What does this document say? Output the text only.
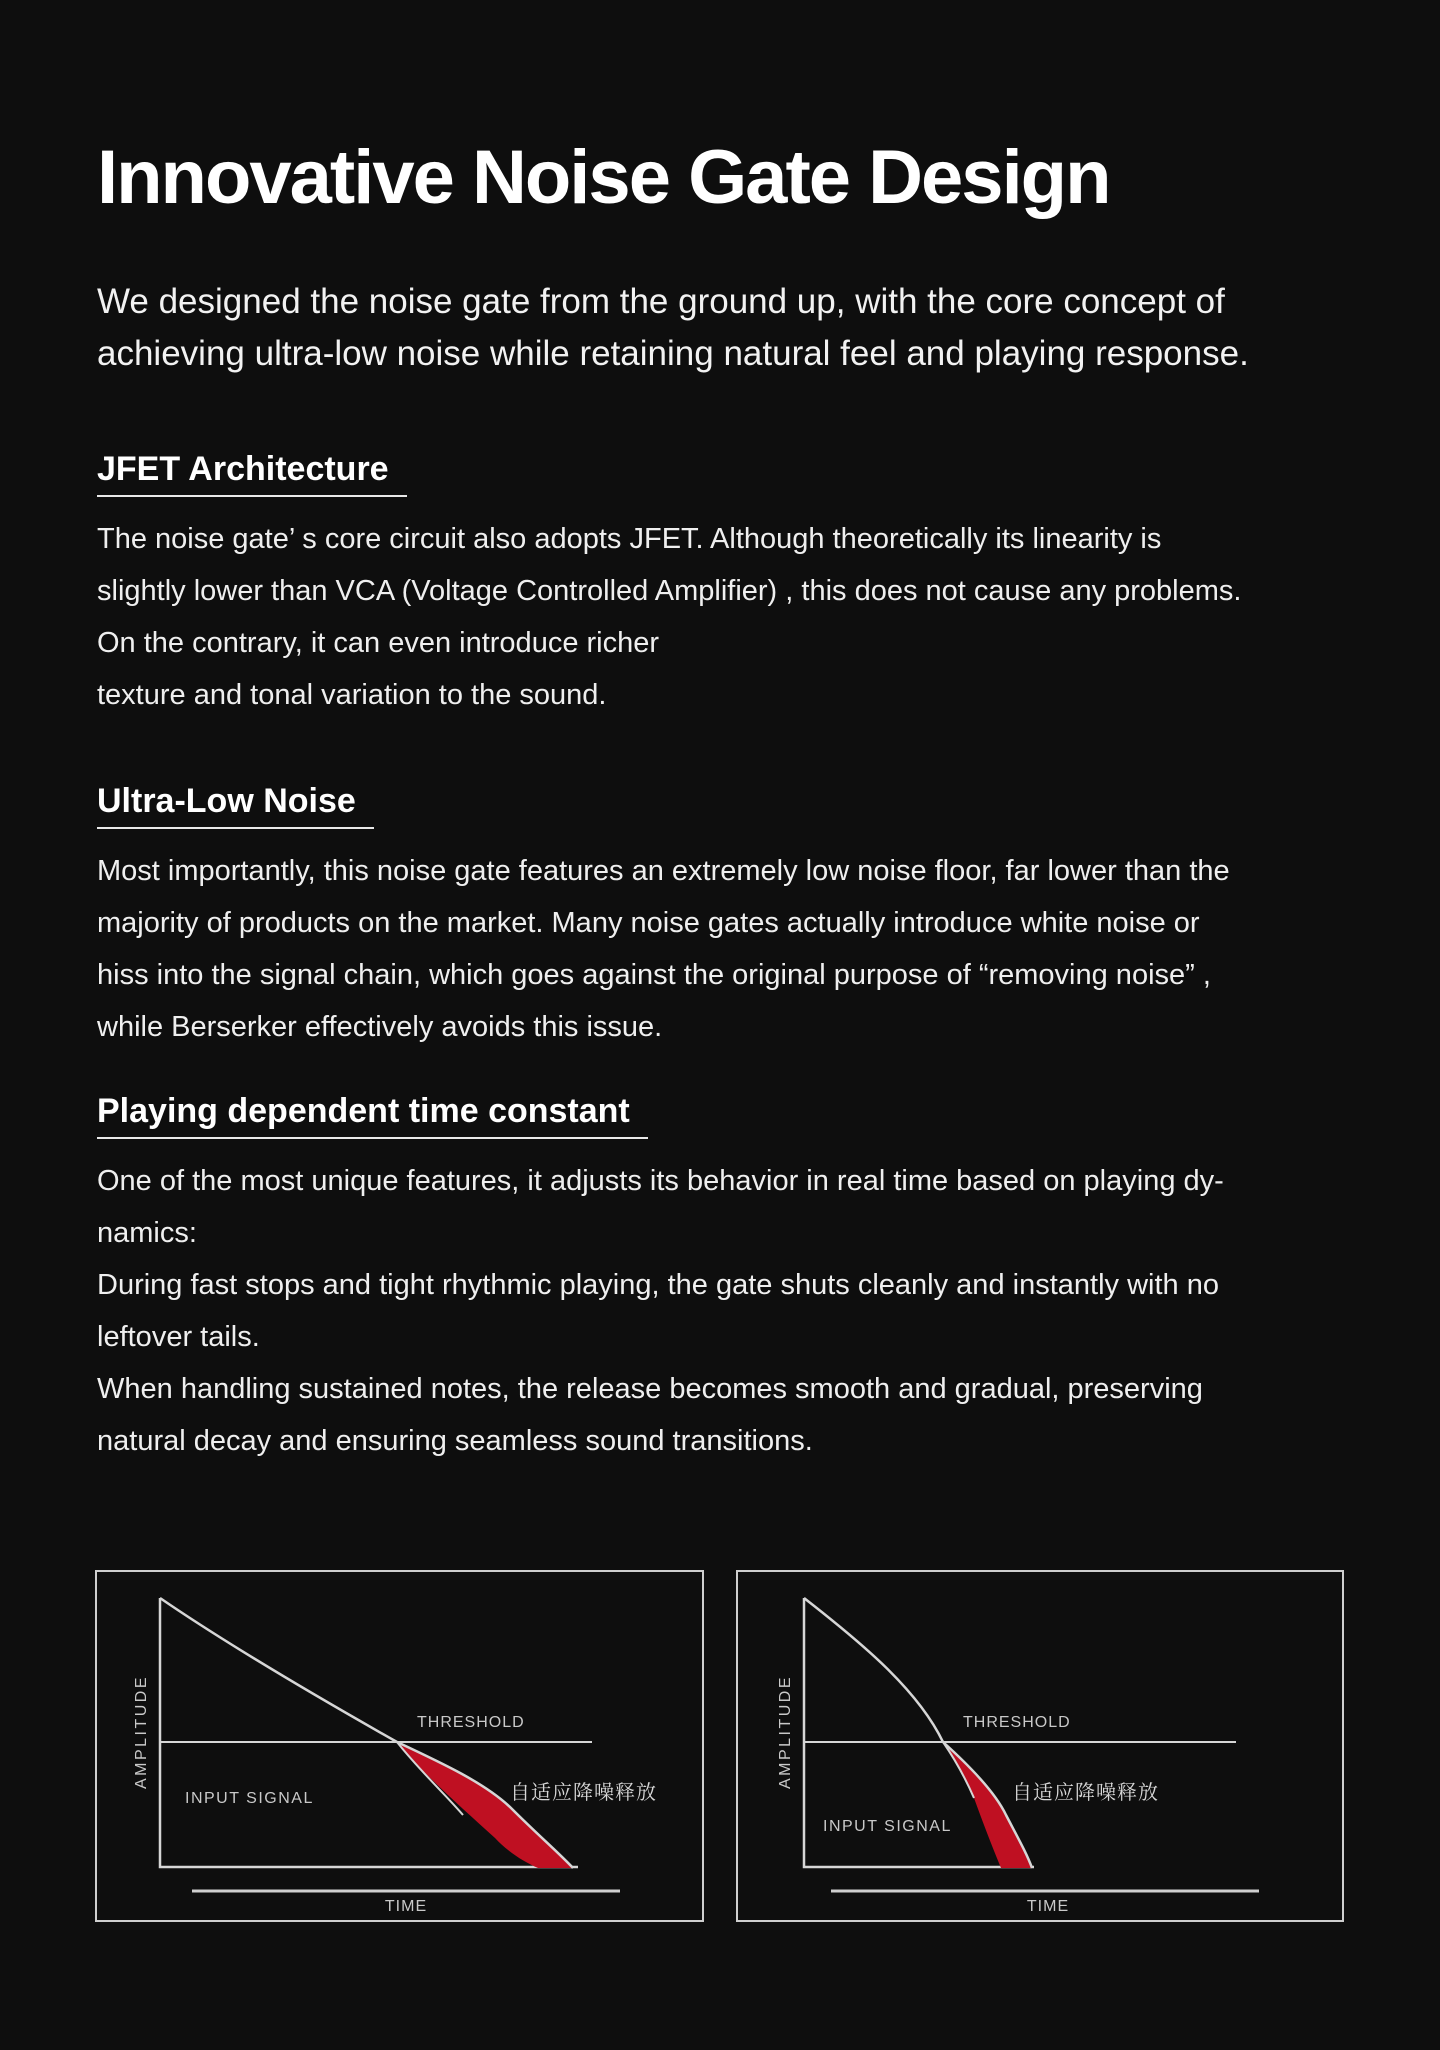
Innovative Noise Gate Design
We designed the noise gate from the ground up, with the core concept of
achieving ultra-low noise while retaining natural feel and playing response.
JFET Architecture
The noise gate’ s core circuit also adopts JFET. Although theoretically its linearity is
slightly lower than VCA (Voltage Controlled Amplifier) , this does not cause any problems.
On the contrary, it can even introduce richer
texture and tonal variation to the sound.
Ultra-Low Noise
Most importantly, this noise gate features an extremely low noise floor, far lower than the
majority of products on the market. Many noise gates actually introduce white noise or
hiss into the signal chain, which goes against the original purpose of “removing noise” ,
while Berserker effectively avoids this issue.
Playing dependent time constant
One of the most unique features, it adjusts its behavior in real time based on playing dy-
namics:
During fast stops and tight rhythmic playing, the gate shuts cleanly and instantly with no
leftover tails.
When handling sustained notes, the release becomes smooth and gradual, preserving
natural decay and ensuring seamless sound transitions.
AMPLITUDE	THRESHOLD
INPUT SIGNAL	自适应降噪释放
TIME
AMPLITUDE	THRESHOLD
INPUT SIGNAL
自适应降噪释放
TIME
